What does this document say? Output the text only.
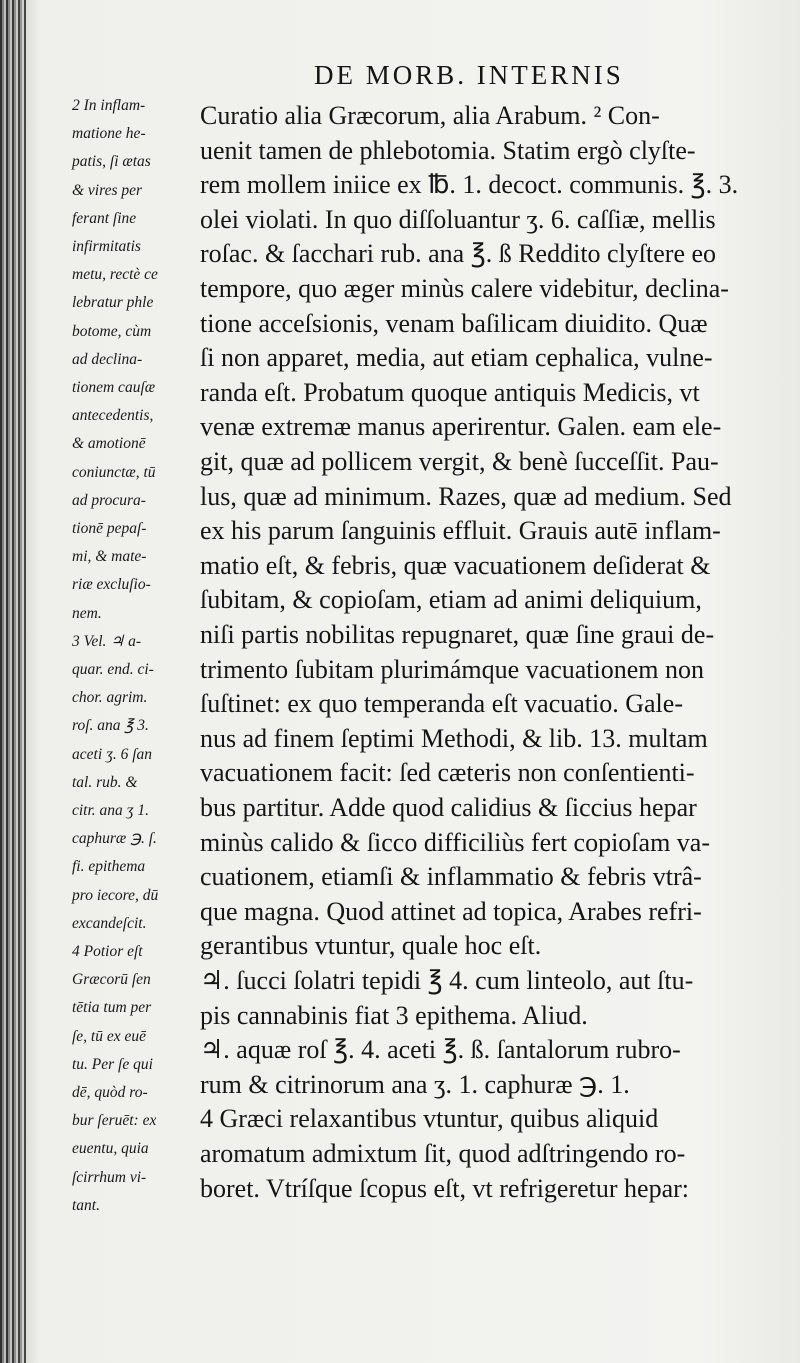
DE MORB. INTERNIS
2 In inflam-
matione he-
patis, ſi ætas
& vires per
ferant ſine
infirmitatis
metu, rectè ce
lebratur phle
botome, cùm
ad declina-
tionem cauſæ
antecedentis,
& amotionē
coniunctæ, tū
ad procura-
tionē pepaſ-
mi, & mate-
riæ excluſio-
nem.
3 Vel. ♃ a-
quar. end. ci-
chor. agrim.
roſ. ana ℥ 3.
aceti ʒ. 6 ſan
tal. rub. &
citr. ana ʒ 1.
caphuræ ℈. ſ.
fi. epithema
pro iecore, dū
excandeſcit.
4 Potior eſt
Græcorū ſen
tētia tum per
ſe, tū ex euē
tu. Per ſe qui
dē, quòd ro-
bur ſeruēt: ex
euentu, quia
ſcirrhum vi-
tant.
Curatio alia Græcorum, alia Arabum. ² Con-
uenit tamen de phlebotomia. Statim ergò clyſte-
rem mollem iniice ex ℔. 1. decoct. communis. ℥. 3.
olei violati. In quo diſſoluantur ʒ. 6. caſſiæ, mellis
roſac. & ſacchari rub. ana ℥. ß Reddito clyſtere eo
tempore, quo æger minùs calere videbitur, declina-
tione acceſsionis, venam baſilicam diuidito. Quæ
ſi non apparet, media, aut etiam cephalica, vulne-
randa eſt. Probatum quoque antiquis Medicis, vt
venæ extremæ manus aperirentur. Galen. eam ele-
git, quæ ad pollicem vergit, & benè ſucceſſit. Pau-
lus, quæ ad minimum. Razes, quæ ad medium. Sed
ex his parum ſanguinis effluit. Grauis autē inflam-
matio eſt, & febris, quæ vacuationem deſiderat &
ſubitam, & copioſam, etiam ad animi deliquium,
niſi partis nobilitas repugnaret, quæ ſine graui de-
trimento ſubitam plurimámque vacuationem non
ſuſtinet: ex quo temperanda eſt vacuatio. Gale-
nus ad finem ſeptimi Methodi, & lib. 13. multam
vacuationem facit: ſed cæteris non conſentienti-
bus partitur. Adde quod calidius & ſiccius hepar
minùs calido & ſicco difficiliùs fert copioſam va-
cuationem, etiamſi & inflammatio & febris vtrâ-
que magna. Quod attinet ad topica, Arabes refri-
gerantibus vtuntur, quale hoc eſt.
♃. ſucci ſolatri tepidi ℥ 4. cum linteolo, aut ſtu-
pis cannabinis fiat 3 epithema. Aliud.
♃. aquæ roſ ℥. 4. aceti ℥. ß. ſantalorum rubro-
rum & citrinorum ana ʒ. 1. caphuræ ℈. 1.
4 Græci relaxantibus vtuntur, quibus aliquid
aromatum admixtum ſit, quod adſtringendo ro-
boret. Vtríſque ſcopus eſt, vt refrigeretur hepar:
